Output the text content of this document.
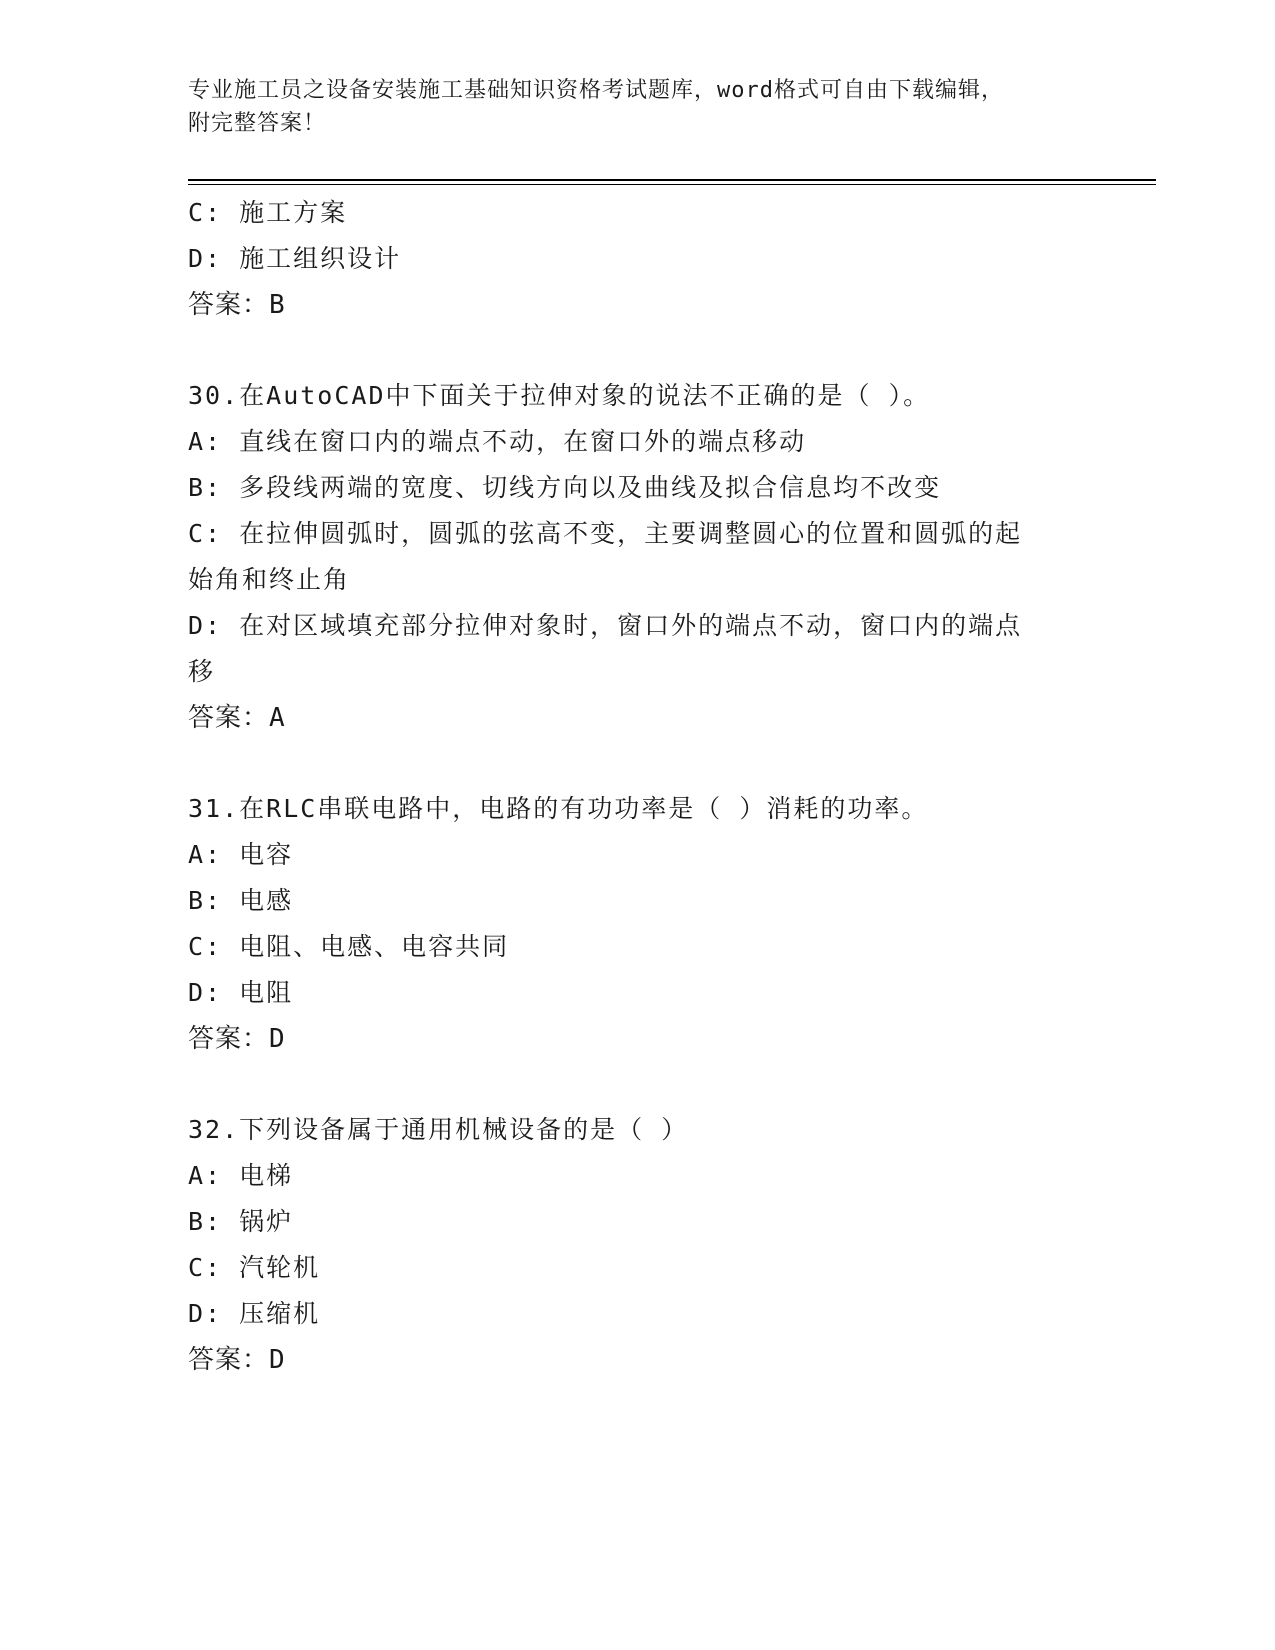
专业施工员之设备安装施工基础知识资格考试题库，word格式可自由下载编辑，
附完整答案！
C: 施工方案
D: 施工组织设计
答案：B
30.在AutoCAD中下面关于拉伸对象的说法不正确的是（ ）。
A: 直线在窗口内的端点不动，在窗口外的端点移动
B: 多段线两端的宽度、切线方向以及曲线及拟合信息均不改变
C: 在拉伸圆弧时，圆弧的弦高不变，主要调整圆心的位置和圆弧的起
始角和终止角
D: 在对区域填充部分拉伸对象时，窗口外的端点不动，窗口内的端点
移
答案：A
31.在RLC串联电路中，电路的有功功率是（ ）消耗的功率。
A: 电容
B: 电感
C: 电阻、电感、电容共同
D: 电阻
答案：D
32.下列设备属于通用机械设备的是（ ）
A: 电梯
B: 锅炉
C: 汽轮机
D: 压缩机
答案：D
